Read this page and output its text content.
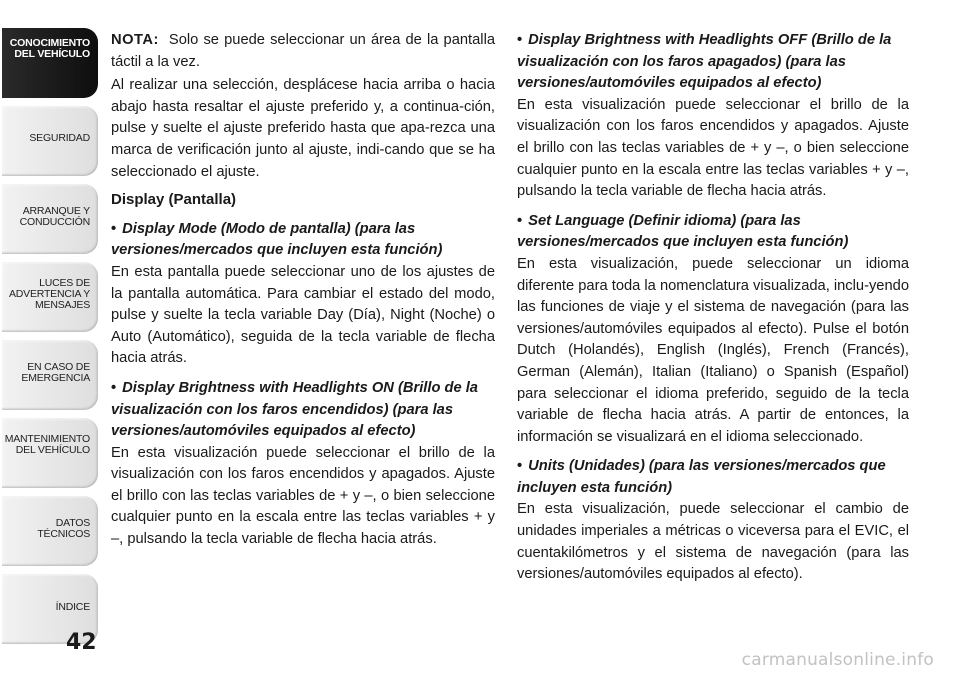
CONOCIMIENTO DEL VEHÍCULO
SEGURIDAD
ARRANQUE Y CONDUCCIÓN
LUCES DE ADVERTENCIA Y MENSAJES
EN CASO DE EMERGENCIA
MANTENIMIENTO DEL VEHÍCULO
DATOS TÉCNICOS
ÍNDICE
42

NOTA: Solo se puede seleccionar un área de la pantalla táctil a la vez.

Al realizar una selección, desplácese hacia arriba o hacia abajo hasta resaltar el ajuste preferido y, a continua-ción, pulse y suelte el ajuste preferido hasta que apa-rezca una marca de verificación junto al ajuste, indi-cando que se ha seleccionado el ajuste.

Display (Pantalla)

• Display Mode (Modo de pantalla) (para las versiones/mercados que incluyen esta función)

En esta pantalla puede seleccionar uno de los ajustes de la pantalla automática. Para cambiar el estado del modo, pulse y suelte la tecla variable Day (Día), Night (Noche) o Auto (Automático), seguida de la tecla variable de flecha hacia atrás.

• Display Brightness with Headlights ON (Brillo de la visualización con los faros encendidos) (para las versiones/automóviles equipados al efecto)

En esta visualización puede seleccionar el brillo de la visualización con los faros encendidos y apagados. Ajuste el brillo con las teclas variables de + y –, o bien seleccione cualquier punto en la escala entre las teclas variables + y –, pulsando la tecla variable de flecha hacia atrás.

• Display Brightness with Headlights OFF (Brillo de la visualización con los faros apagados) (para las versiones/automóviles equipados al efecto)

En esta visualización puede seleccionar el brillo de la visualización con los faros encendidos y apagados. Ajuste el brillo con las teclas variables de + y –, o bien seleccione cualquier punto en la escala entre las teclas variables + y –, pulsando la tecla variable de flecha hacia atrás.

• Set Language (Definir idioma) (para las versiones/mercados que incluyen esta función)

En esta visualización, puede seleccionar un idioma diferente para toda la nomenclatura visualizada, inclu-yendo las funciones de viaje y el sistema de navegación (para las versiones/automóviles equipados al efecto). Pulse el botón Dutch (Holandés), English (Inglés), French (Francés), German (Alemán), Italian (Italiano) o Spanish (Español) para seleccionar el idioma preferido, seguido de la tecla variable de flecha hacia atrás. A partir de entonces, la información se visualizará en el idioma seleccionado.

• Units (Unidades) (para las versiones/mercados que incluyen esta función)

En esta visualización, puede seleccionar el cambio de unidades imperiales a métricas o viceversa para el EVIC, el cuentakilómetros y el sistema de navegación (para las versiones/automóviles equipados al efecto).

carmanualsonline.info
